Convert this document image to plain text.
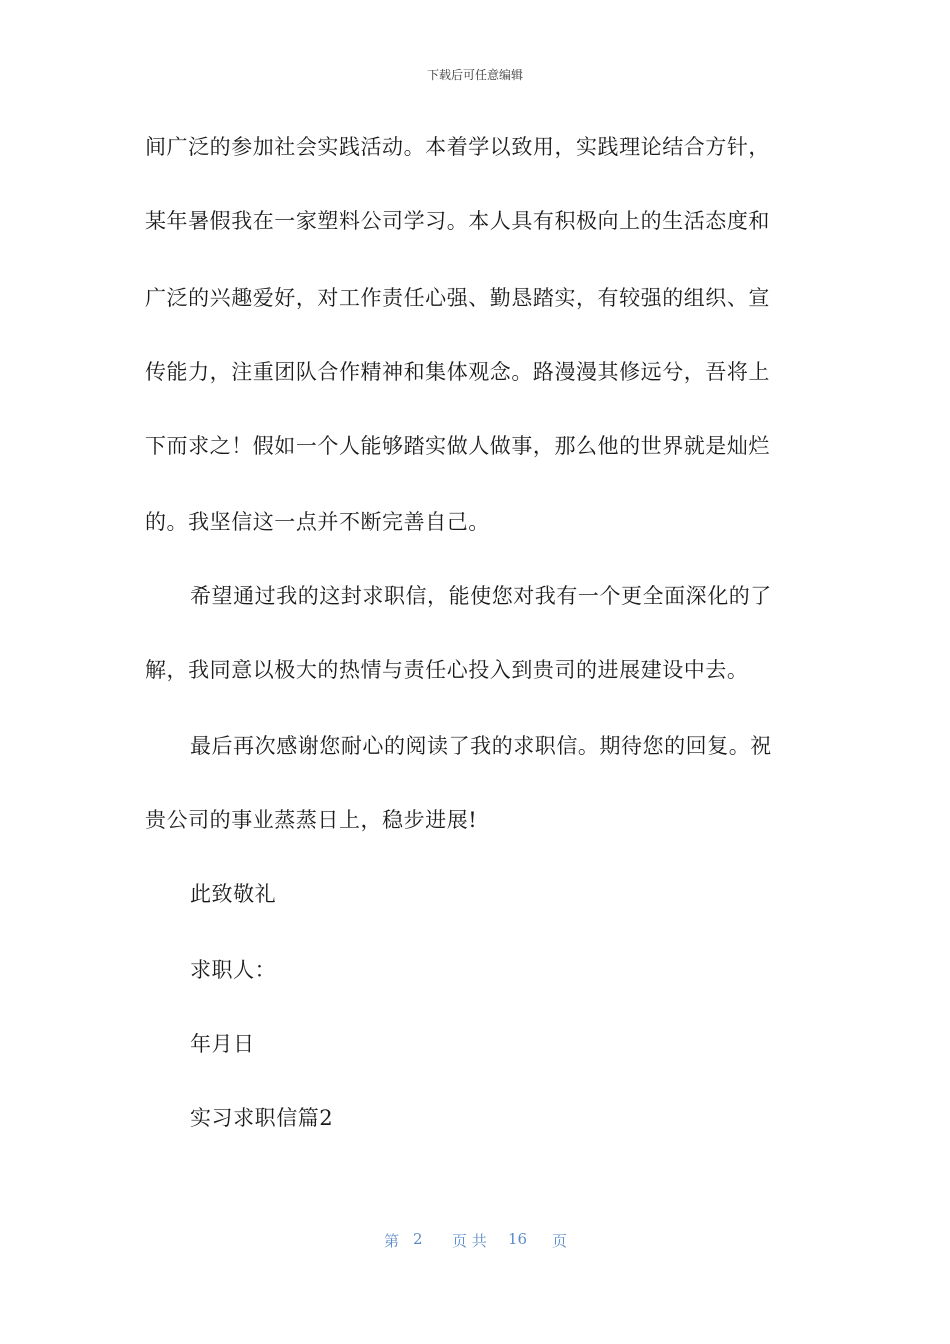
下载后可任意编辑
间广泛的参加社会实践活动。本着学以致用，实践理论结合方针，
某年暑假我在一家塑料公司学习。本人具有积极向上的生活态度和
广泛的兴趣爱好，对工作责任心强、勤恳踏实，有较强的组织、宣
传能力，注重团队合作精神和集体观念。路漫漫其修远兮，吾将上
下而求之！假如一个人能够踏实做人做事，那么他的世界就是灿烂
的。我坚信这一点并不断完善自己。
希望通过我的这封求职信，能使您对我有一个更全面深化的了
解，我同意以极大的热情与责任心投入到贵司的进展建设中去。
最后再次感谢您耐心的阅读了我的求职信。期待您的回复。祝
贵公司的事业蒸蒸日上，稳步进展!
此致敬礼
求职人：
年月日
实习求职信篇2
第 2 页 共 16 页
